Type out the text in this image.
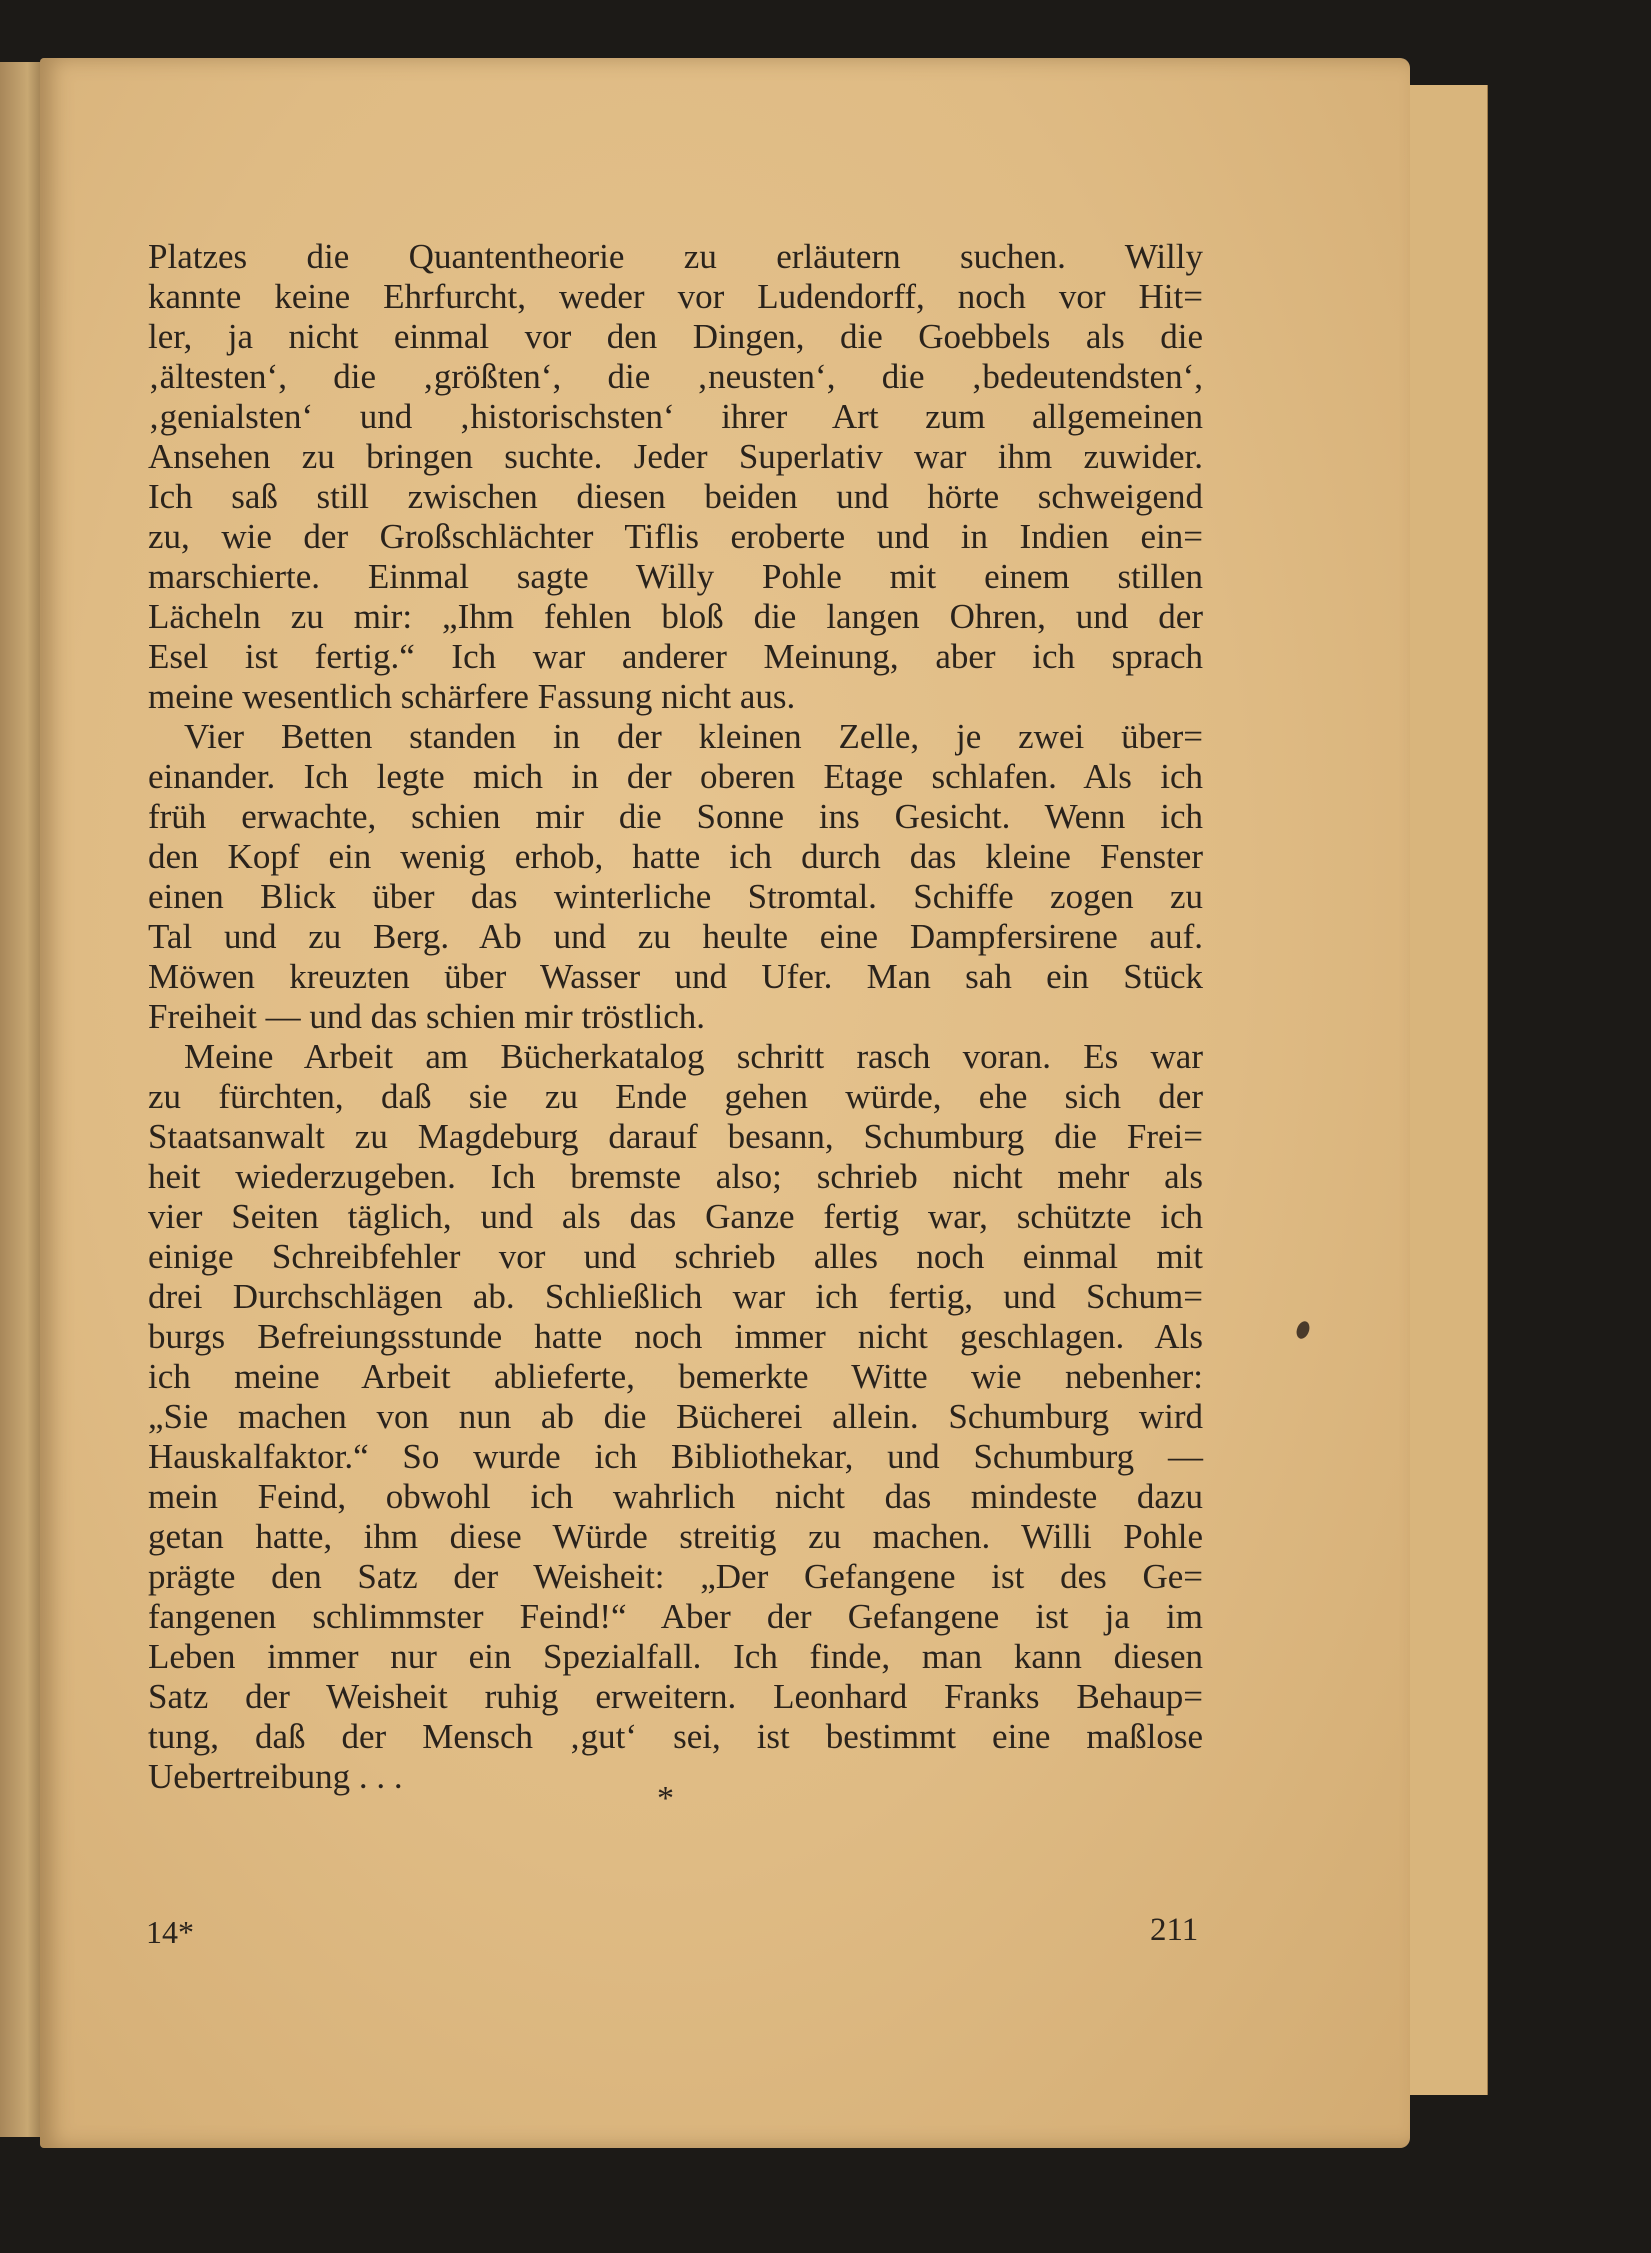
Platzes die Quantentheorie zu erläutern suchen. Willy
kannte keine Ehrfurcht, weder vor Ludendorff, noch vor Hit=
ler, ja nicht einmal vor den Dingen, die Goebbels als die
‚ältesten‘, die ‚größten‘, die ‚neusten‘, die ‚bedeutendsten‘,
‚genialsten‘ und ‚historischsten‘ ihrer Art zum allgemeinen
Ansehen zu bringen suchte. Jeder Superlativ war ihm zuwider.
Ich saß still zwischen diesen beiden und hörte schweigend
zu, wie der Großschlächter Tiflis eroberte und in Indien ein=
marschierte. Einmal sagte Willy Pohle mit einem stillen
Lächeln zu mir: „Ihm fehlen bloß die langen Ohren, und der
Esel ist fertig.“ Ich war anderer Meinung, aber ich sprach
meine wesentlich schärfere Fassung nicht aus.
Vier Betten standen in der kleinen Zelle, je zwei über=
einander. Ich legte mich in der oberen Etage schlafen. Als ich
früh erwachte, schien mir die Sonne ins Gesicht. Wenn ich
den Kopf ein wenig erhob, hatte ich durch das kleine Fenster
einen Blick über das winterliche Stromtal. Schiffe zogen zu
Tal und zu Berg. Ab und zu heulte eine Dampfersirene auf.
Möwen kreuzten über Wasser und Ufer. Man sah ein Stück
Freiheit — und das schien mir tröstlich.
Meine Arbeit am Bücherkatalog schritt rasch voran. Es war
zu fürchten, daß sie zu Ende gehen würde, ehe sich der
Staatsanwalt zu Magdeburg darauf besann, Schumburg die Frei=
heit wiederzugeben. Ich bremste also; schrieb nicht mehr als
vier Seiten täglich, und als das Ganze fertig war, schützte ich
einige Schreibfehler vor und schrieb alles noch einmal mit
drei Durchschlägen ab. Schließlich war ich fertig, und Schum=
burgs Befreiungsstunde hatte noch immer nicht geschlagen. Als
ich meine Arbeit ablieferte, bemerkte Witte wie nebenher:
„Sie machen von nun ab die Bücherei allein. Schumburg wird
Hauskalfaktor.“ So wurde ich Bibliothekar, und Schumburg —
mein Feind, obwohl ich wahrlich nicht das mindeste dazu
getan hatte, ihm diese Würde streitig zu machen. Willi Pohle
prägte den Satz der Weisheit: „Der Gefangene ist des Ge=
fangenen schlimmster Feind!“ Aber der Gefangene ist ja im
Leben immer nur ein Spezialfall. Ich finde, man kann diesen
Satz der Weisheit ruhig erweitern. Leonhard Franks Behaup=
tung, daß der Mensch ‚gut‘ sei, ist bestimmt eine maßlose
Uebertreibung . . .
*
14*	211
